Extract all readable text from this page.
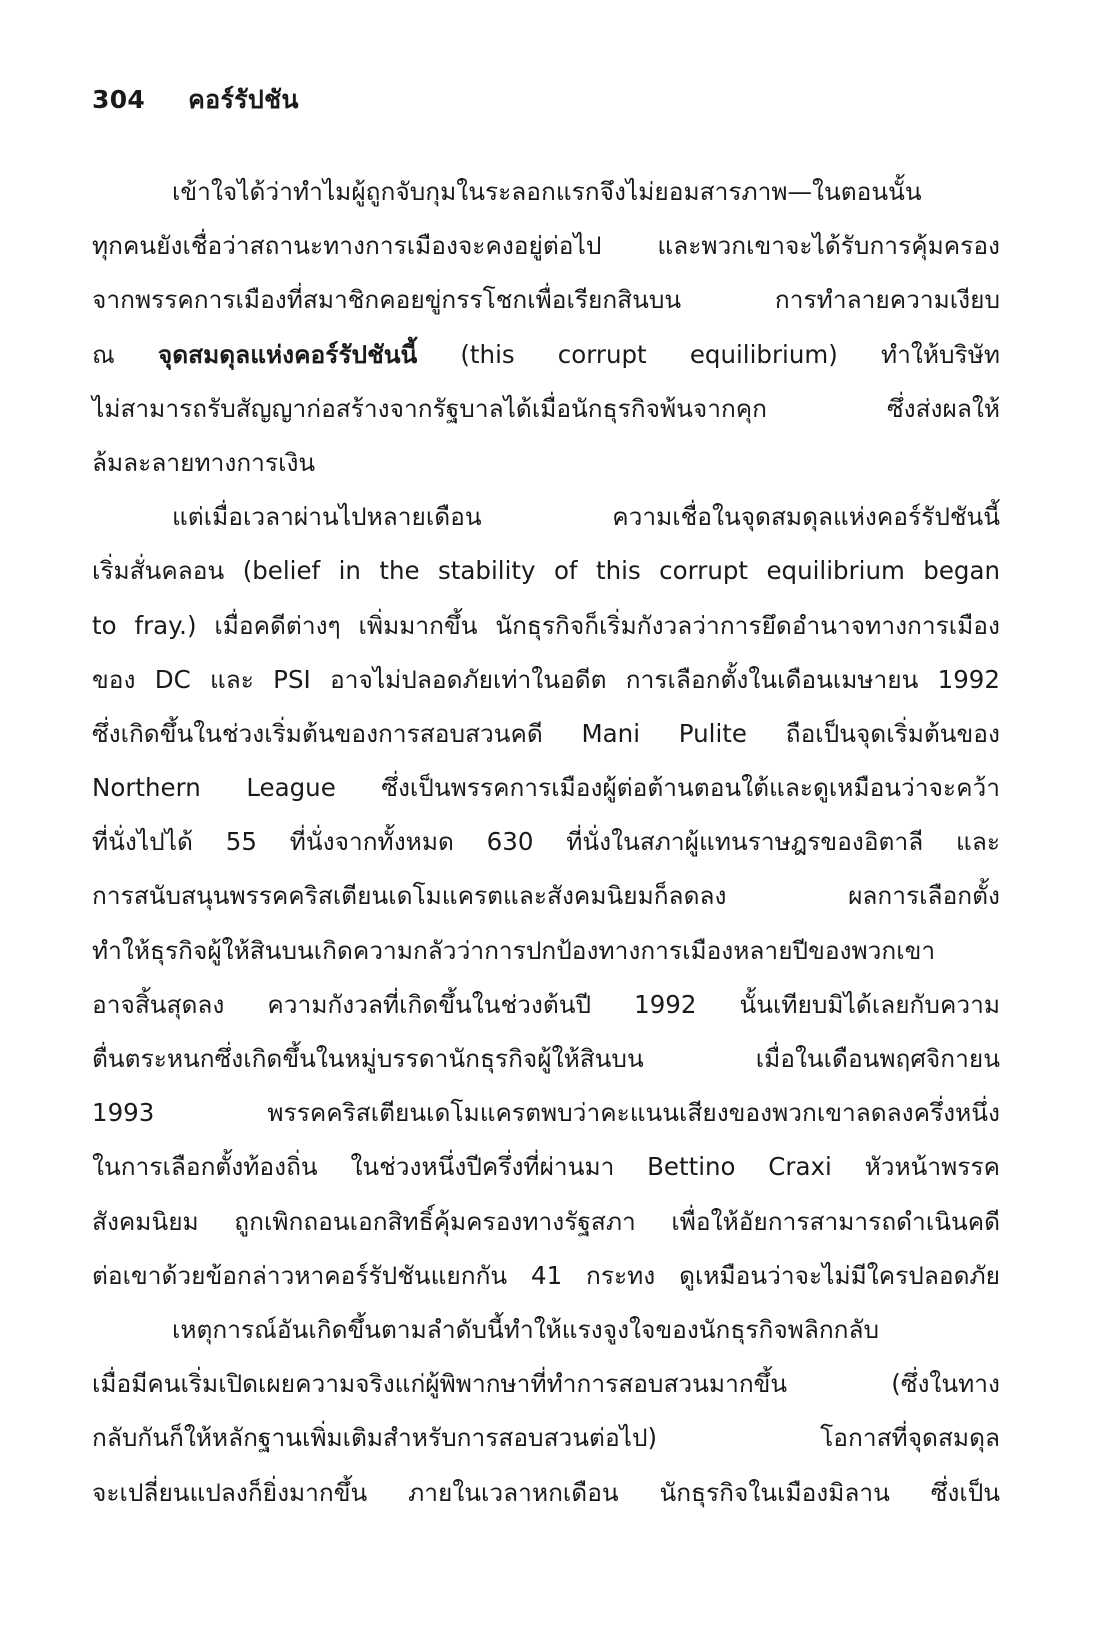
304 คอร์รัปชัน
เข้าใจได้ว่าทำไมผู้ถูกจับกุมในระลอกแรกจึงไม่ยอมสารภาพ—ในตอนนั้น
ทุกคนยังเชื่อว่าสถานะทางการเมืองจะคงอยู่ต่อไป และพวกเขาจะได้รับการคุ้มครอง
จากพรรคการเมืองที่สมาชิกคอยขู่กรรโชกเพื่อเรียกสินบน การทำลายความเงียบ
ณ จุดสมดุลแห่งคอร์รัปชันนี้ (this corrupt equilibrium) ทำให้บริษัท
ไม่สามารถรับสัญญาก่อสร้างจากรัฐบาลได้เมื่อนักธุรกิจพ้นจากคุก ซึ่งส่งผลให้
ล้มละลายทางการเงิน
แต่เมื่อเวลาผ่านไปหลายเดือน ความเชื่อในจุดสมดุลแห่งคอร์รัปชันนี้
เริ่มสั่นคลอน (belief in the stability of this corrupt equilibrium began
to fray.) เมื่อคดีต่างๆ เพิ่มมากขึ้น นักธุรกิจก็เริ่มกังวลว่าการยึดอำนาจทางการเมือง
ของ DC และ PSI อาจไม่ปลอดภัยเท่าในอดีต การเลือกตั้งในเดือนเมษายน 1992
ซึ่งเกิดขึ้นในช่วงเริ่มต้นของการสอบสวนคดี Mani Pulite ถือเป็นจุดเริ่มต้นของ
Northern League ซึ่งเป็นพรรคการเมืองผู้ต่อต้านตอนใต้และดูเหมือนว่าจะคว้า
ที่นั่งไปได้ 55 ที่นั่งจากทั้งหมด 630 ที่นั่งในสภาผู้แทนราษฎรของอิตาลี และ
การสนับสนุนพรรคคริสเตียนเดโมแครตและสังคมนิยมก็ลดลง ผลการเลือกตั้ง
ทำให้ธุรกิจผู้ให้สินบนเกิดความกลัวว่าการปกป้องทางการเมืองหลายปีของพวกเขา
อาจสิ้นสุดลง ความกังวลที่เกิดขึ้นในช่วงต้นปี 1992 นั้นเทียบมิได้เลยกับความ
ตื่นตระหนกซึ่งเกิดขึ้นในหมู่บรรดานักธุรกิจผู้ให้สินบน เมื่อในเดือนพฤศจิกายน
1993 พรรคคริสเตียนเดโมแครตพบว่าคะแนนเสียงของพวกเขาลดลงครึ่งหนึ่ง
ในการเลือกตั้งท้องถิ่น ในช่วงหนึ่งปีครึ่งที่ผ่านมา Bettino Craxi หัวหน้าพรรค
สังคมนิยม ถูกเพิกถอนเอกสิทธิ์คุ้มครองทางรัฐสภา เพื่อให้อัยการสามารถดำเนินคดี
ต่อเขาด้วยข้อกล่าวหาคอร์รัปชันแยกกัน 41 กระทง ดูเหมือนว่าจะไม่มีใครปลอดภัย
เหตุการณ์อันเกิดขึ้นตามลำดับนี้ทำให้แรงจูงใจของนักธุรกิจพลิกกลับ
เมื่อมีคนเริ่มเปิดเผยความจริงแก่ผู้พิพากษาที่ทำการสอบสวนมากขึ้น (ซึ่งในทาง
กลับกันก็ให้หลักฐานเพิ่มเติมสำหรับการสอบสวนต่อไป) โอกาสที่จุดสมดุล
จะเปลี่ยนแปลงก็ยิ่งมากขึ้น ภายในเวลาหกเดือน นักธุรกิจในเมืองมิลาน ซึ่งเป็น
